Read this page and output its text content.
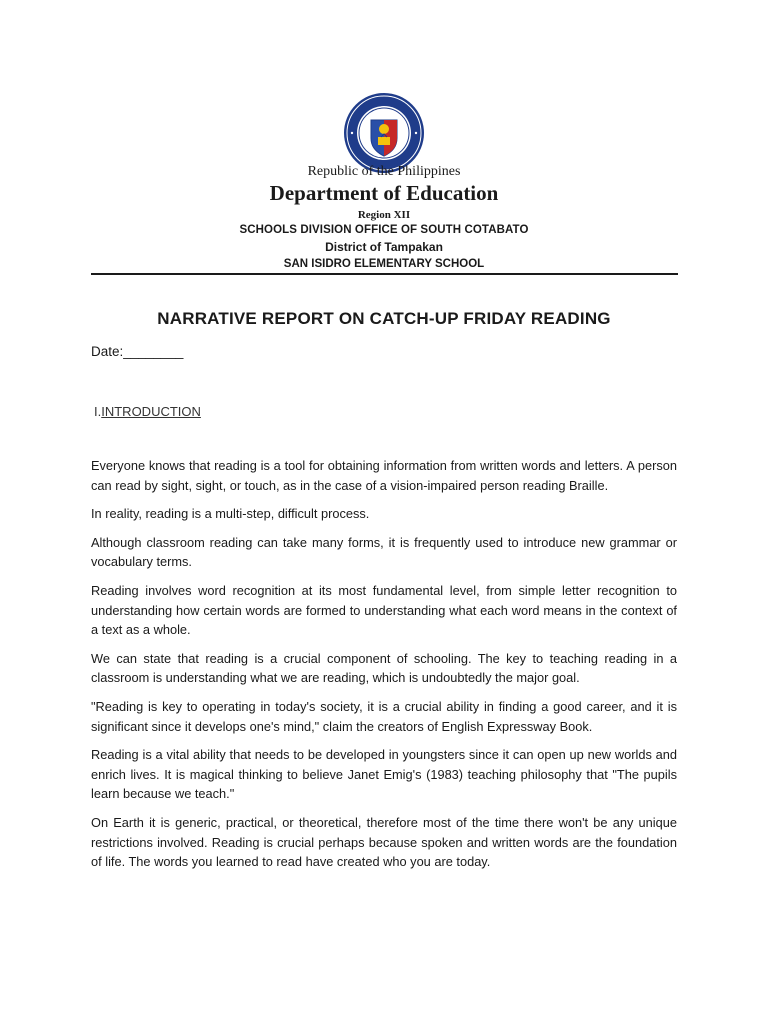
Republic of the Philippines
Department of Education
Region XII
SCHOOLS DIVISION OFFICE OF SOUTH COTABATO
District of Tampakan
SAN ISIDRO ELEMENTARY SCHOOL
NARRATIVE REPORT ON CATCH-UP FRIDAY READING
Date:________
I.INTRODUCTION

Everyone knows that reading is a tool for obtaining information from written words and letters. A person can read by sight, sight, or touch, as in the case of a vision-impaired person reading Braille.

In reality, reading is a multi-step, difficult process.

Although classroom reading can take many forms, it is frequently used to introduce new grammar or vocabulary terms.

Reading involves word recognition at its most fundamental level, from simple letter recognition to understanding how certain words are formed to understanding what each word means in the context of a text as a whole.

We can state that reading is a crucial component of schooling. The key to teaching reading in a classroom is understanding what we are reading, which is undoubtedly the major goal.

"Reading is key to operating in today's society, it is a crucial ability in finding a good career, and it is significant since it develops one's mind," claim the creators of English Expressway Book.

Reading is a vital ability that needs to be developed in youngsters since it can open up new worlds and enrich lives. It is magical thinking to believe Janet Emig's (1983) teaching philosophy that "The pupils learn because we teach."

On Earth it is generic, practical, or theoretical, therefore most of the time there won't be any unique restrictions involved. Reading is crucial perhaps because spoken and written words are the foundation of life. The words you learned to read have created who you are today.
